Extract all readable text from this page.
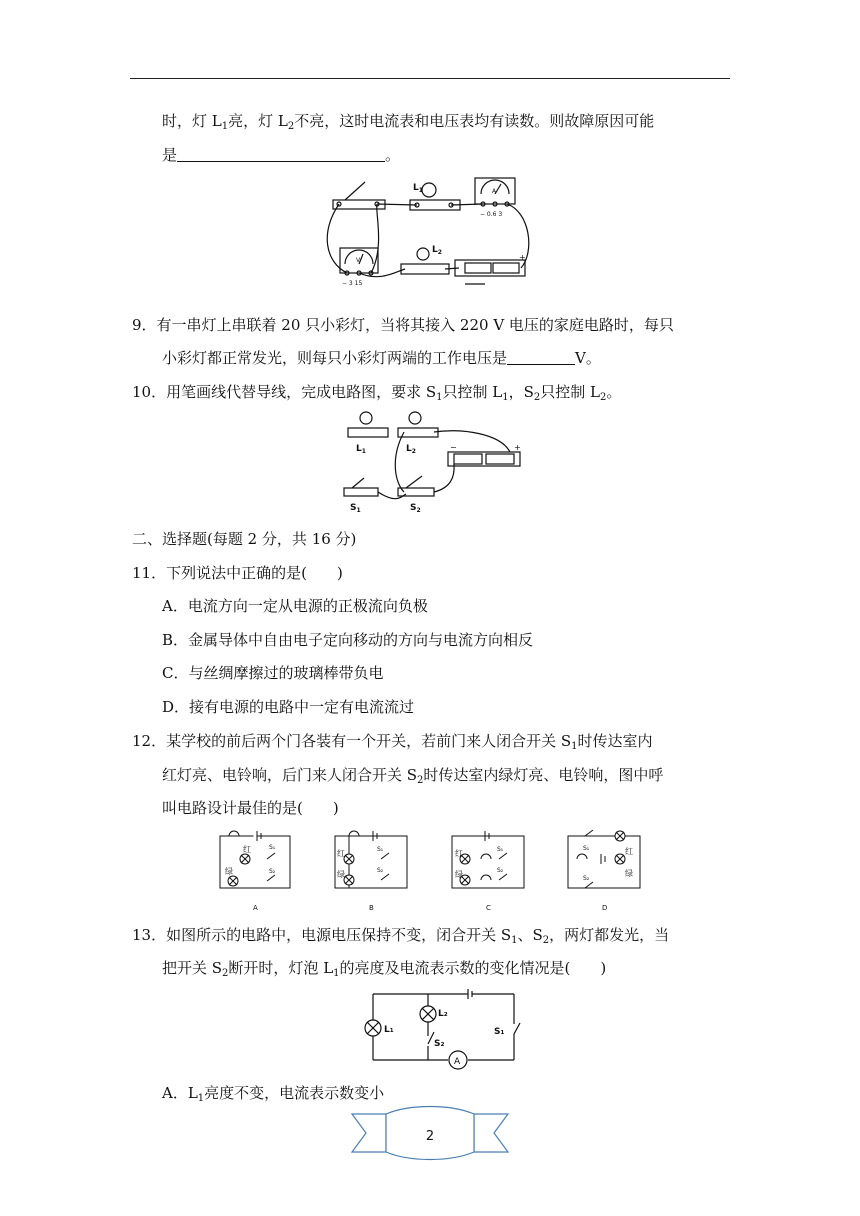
时，灯 $L_1$亮，灯 $L_2$不亮，这时电流表和电压表均有读数。则故障原因可能
是	。
$L_1$
$L_2$
A
− 0.6 3
V
− 3 15
+
9．有一串灯上串联着 20 只小彩灯，当将其接入 220 V 电压的家庭电路时，每只
小彩灯都正常发光，则每只小彩灯两端的工作电压是	V。
10．用笔画线代替导线，完成电路图，要求 $S_1$只控制 $L_1$，$S_2$只控制 $L_2$。
$L_1$	$L_2$
$S_1$	$S_2$
−	+
二、选择题(每题 2 分，共 16 分)
11．下列说法中正确的是(　　)
A．电流方向一定从电源的正极流向负极
B．金属导体中自由电子定向移动的方向与电流方向相反
C．与丝绸摩擦过的玻璃棒带负电
D．接有电源的电路中一定有电流流过
12．某学校的前后两个门各装有一个开关，若前门来人闭合开关 $S_1$时传达室内
红灯亮、电铃响，后门来人闭合开关 $S_2$时传达室内绿灯亮、电铃响，图中呼
叫电路设计最佳的是(　　)
红
绿
S₁
S₂
红
绿
S₁
S₂
红
绿
S₁
S₂
S₁	红
绿
S₂
A	B	C	D
13．如图所示的电路中，电源电压保持不变，闭合开关 $S_1$、$S_2$，两灯都发光，当
把开关 $S_2$断开时，灯泡 $L_1$的亮度及电流表示数的变化情况是(　　)
L₁
L₂
S₂
S₁
A
A．$L_1$亮度不变，电流表示数变小
2
